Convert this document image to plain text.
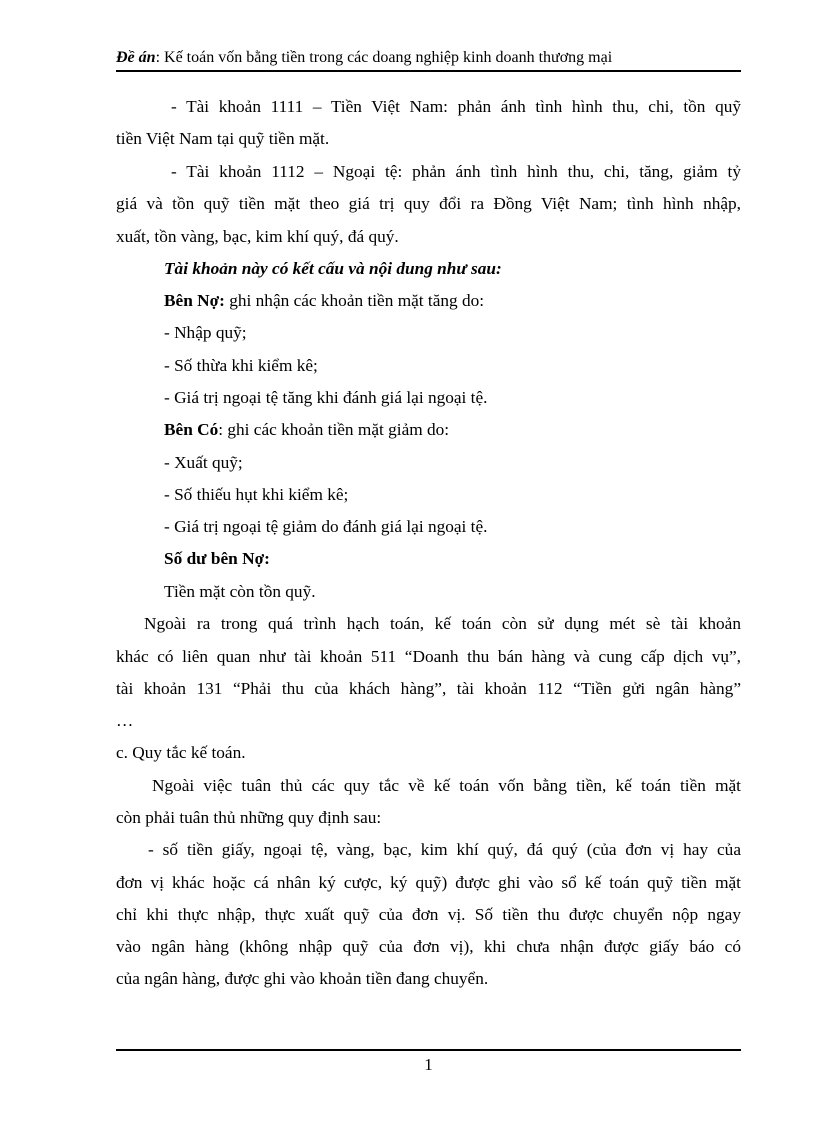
Đề án: Kế toán vốn bằng tiền trong các doang nghiệp kinh doanh thương mại
- Tài khoản 1111 – Tiền Việt Nam: phản ánh tình hình thu, chi, tồn quỹ
tiền Việt Nam tại quỹ tiền mặt.
- Tài khoản 1112 – Ngoại tệ: phản ánh tình hình thu, chi, tăng, giảm tỷ
giá và tồn quỹ tiền mặt theo giá trị quy đổi ra Đồng Việt Nam; tình hình nhập,
xuất, tồn vàng, bạc, kim khí quý, đá quý.
Tài khoản này có kết cấu và nội dung như sau:
Bên Nợ: ghi nhận các khoản tiền mặt tăng do:
- Nhập quỹ;
- Số thừa khi kiểm kê;
- Giá trị ngoại tệ tăng khi đánh giá lại ngoại tệ.
Bên Có: ghi các khoản tiền mặt giảm do:
- Xuất quỹ;
- Số thiếu hụt khi kiểm kê;
- Giá trị ngoại tệ giảm do đánh giá lại ngoại tệ.
Số dư bên Nợ:
Tiền mặt còn tồn quỹ.
Ngoài ra trong quá trình hạch toán, kế toán còn sử dụng mét sè tài khoản
khác có liên quan như tài khoản 511 “Doanh thu bán hàng và cung cấp dịch vụ”,
tài khoản 131 “Phải thu của khách hàng”, tài khoản 112 “Tiền gửi ngân hàng”
…
c. Quy tắc kế toán.
Ngoài việc tuân thủ các quy tắc về kế toán vốn bằng tiền, kế toán tiền mặt
còn phải tuân thủ những quy định sau:
- số tiền giấy, ngoại tệ, vàng, bạc, kim khí quý, đá quý (của đơn vị hay của
đơn vị khác hoặc cá nhân ký cược, ký quỹ) được ghi vào sổ kế toán quỹ tiền mặt
chỉ khi thực nhập, thực xuất quỹ của đơn vị. Số tiền thu được chuyển nộp ngay
vào ngân hàng (không nhập quỹ của đơn vị), khi chưa nhận được giấy báo có
của ngân hàng, được ghi vào khoản tiền đang chuyển.
1
